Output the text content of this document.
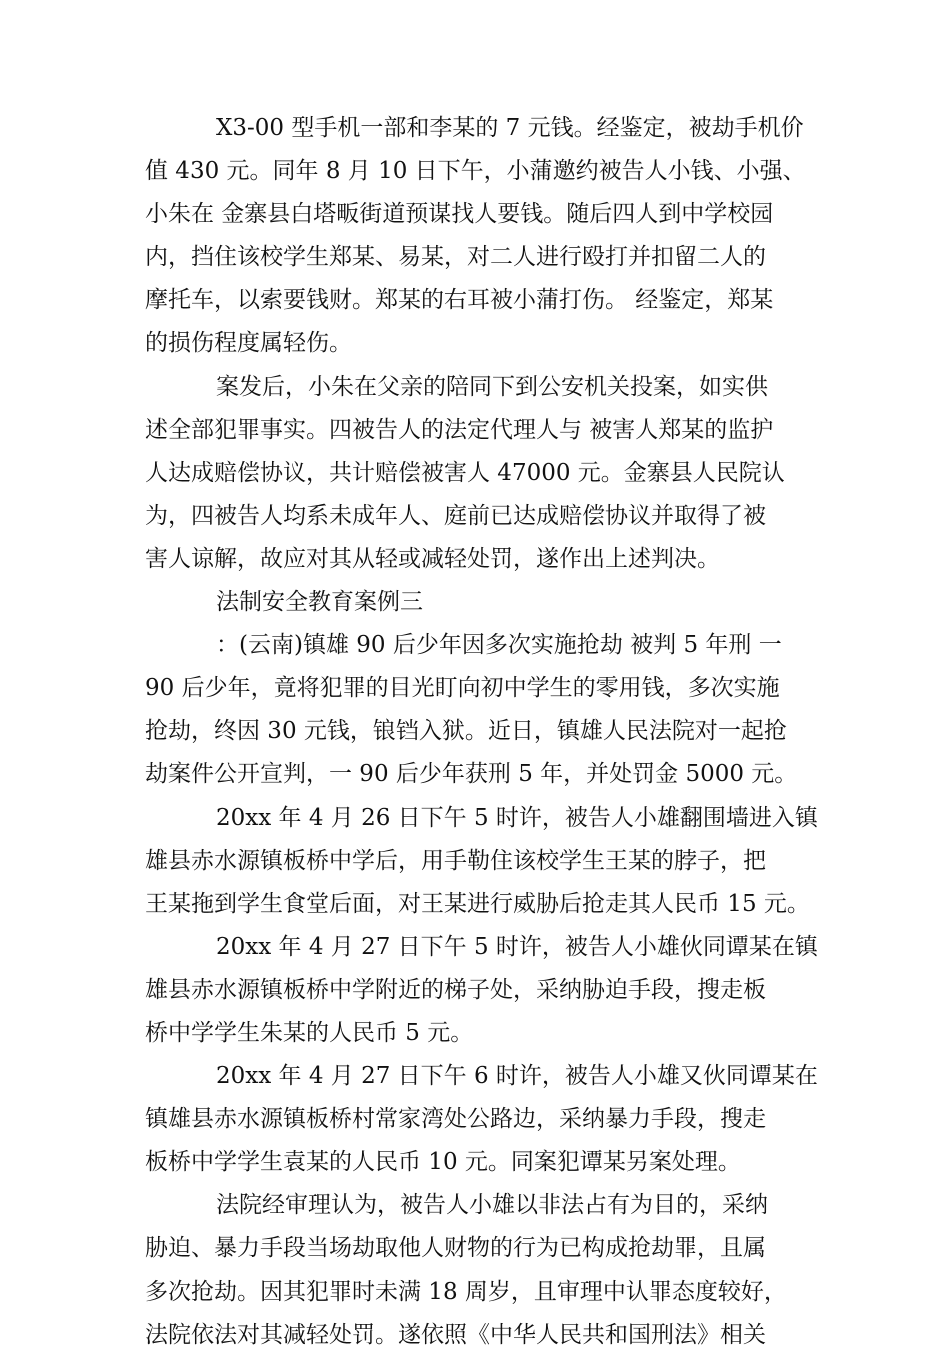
X3-00 型手机一部和李某的 7 元钱。经鉴定，被劫手机价
值 430 元。同年 8 月 10 日下午，小蒲邀约被告人小钱、小强、
小朱在 金寨县白塔畈街道预谋找人要钱。随后四人到中学校园
内，挡住该校学生郑某、易某，对二人进行殴打并扣留二人的
摩托车，以索要钱财。郑某的右耳被小蒲打伤。 经鉴定，郑某
的损伤程度属轻伤。
案发后，小朱在父亲的陪同下到公安机关投案，如实供
述全部犯罪事实。四被告人的法定代理人与 被害人郑某的监护
人达成赔偿协议，共计赔偿被害人 47000 元。金寨县人民院认
为，四被告人均系未成年人、庭前已达成赔偿协议并取得了被
害人谅解，故应对其从轻或减轻处罚，遂作出上述判决。
法制安全教育案例三
：(云南)镇雄 90 后少年因多次实施抢劫 被判 5 年刑 一
90 后少年，竟将犯罪的目光盯向初中学生的零用钱，多次实施
抢劫，终因 30 元钱，锒铛入狱。近日，镇雄人民法院对一起抢
劫案件公开宣判，一 90 后少年获刑 5 年，并处罚金 5000 元。
20xx 年 4 月 26 日下午 5 时许，被告人小雄翻围墙进入镇
雄县赤水源镇板桥中学后，用手勒住该校学生王某的脖子，把
王某拖到学生食堂后面，对王某进行威胁后抢走其人民币 15 元。
20xx 年 4 月 27 日下午 5 时许，被告人小雄伙同谭某在镇
雄县赤水源镇板桥中学附近的梯子处，采纳胁迫手段，搜走板
桥中学学生朱某的人民币 5 元。
20xx 年 4 月 27 日下午 6 时许，被告人小雄又伙同谭某在
镇雄县赤水源镇板桥村常家湾处公路边，采纳暴力手段，搜走
板桥中学学生袁某的人民币 10 元。同案犯谭某另案处理。
法院经审理认为，被告人小雄以非法占有为目的，采纳
胁迫、暴力手段当场劫取他人财物的行为已构成抢劫罪，且属
多次抢劫。因其犯罪时未满 18 周岁，且审理中认罪态度较好，
法院依法对其减轻处罚。遂依照《中华人民共和国刑法》相关
